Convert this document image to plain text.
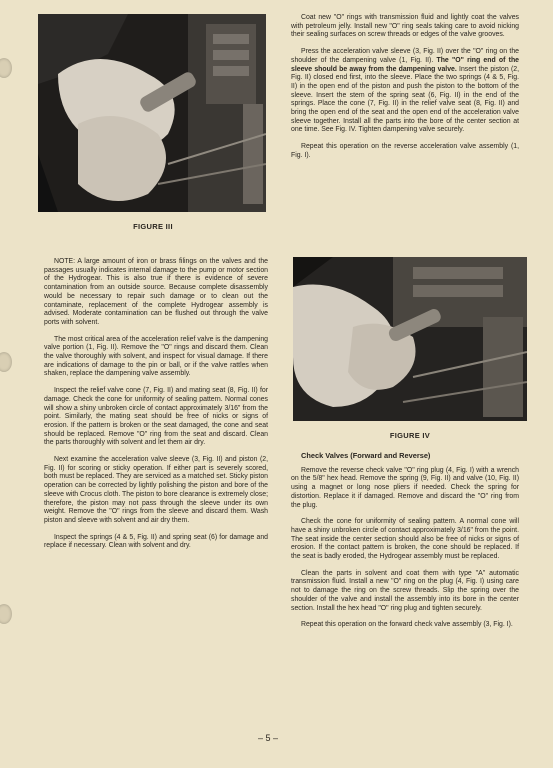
FIGURE III

NOTE: A large amount of iron or brass filings on the valves and the passages usually indicates internal damage to the pump or motor section of the Hydrogear. This is also true if there is evidence of severe contamination from an outside source. Because complete disassembly would be necessary to repair such damage or to clean out the contaminate, replacement of the complete Hydrogear assembly is advised. Moderate contamination can be flushed out through the valve ports with solvent.

The most critical area of the acceleration relief valve is the dampening valve portion (1, Fig. II). Remove the "O" rings and discard them. Clean the valve thoroughly with solvent, and inspect for visual damage. If there are indications of damage to the pin or ball, or if the valve rattles when shaken, replace the dampening valve assembly.

Inspect the relief valve cone (7, Fig. II) and mating seat (8, Fig. II) for damage. Check the cone for uniformity of sealing pattern. Normal cones will show a shiny unbroken circle of contact approximately 3/16" from the point. Similarly, the mating seat should be free of nicks or signs of erosion. If the pattern is broken or the seat damaged, the cone and seat should be replaced. Remove "O" ring from the seat and discard. Clean the parts thoroughly with solvent and let them air dry.

Next examine the acceleration valve sleeve (3, Fig. II) and piston (2, Fig. II) for scoring or sticky operation. If either part is severely scored, both must be replaced. They are serviced as a matched set. Sticky piston operation can be corrected by lightly polishing the piston and bore of the sleeve with Crocus cloth. The piston to bore clearance is extremely close; therefore, the piston may not pass through the sleeve under its own weight. Remove the "O" rings from the sleeve and discard them. Wash piston and sleeve with solvent and air dry them.

Inspect the springs (4 & 5, Fig. II) and spring seat (6) for damage and replace if necessary. Clean with solvent and dry.

Coat new "O" rings with transmission fluid and lightly coat the valves with petroleum jelly. Install new "O" ring seals taking care to avoid nicking their sealing surfaces on screw threads or edges of the valve grooves.

Press the acceleration valve sleeve (3, Fig. II) over the "O" ring on the shoulder of the dampening valve (1, Fig. II). The "O" ring end of the sleeve should be away from the dampening valve. Insert the piston (2, Fig. II) closed end first, into the sleeve. Place the two springs (4 & 5, Fig. II) in the open end of the piston and push the piston to the bottom of the sleeve. Insert the stem of the spring seat (6, Fig. II) in the end of the springs. Place the cone (7, Fig. II) in the relief valve seat (8, Fig. II) and bring the open end of the seat and the open end of the acceleration valve sleeve together. Install all the parts into the bore of the center section at one time. See Fig. IV. Tighten dampening valve securely.

Repeat this operation on the reverse acceleration valve assembly (1, Fig. I).

FIGURE IV
Check Valves (Forward and Reverse)

Remove the reverse check valve "O" ring plug (4, Fig. I) with a wrench on the 5/8" hex head. Remove the spring (9, Fig. II) and valve (10, Fig. II) using a magnet or long nose pliers if needed. Check the spring for distortion. Replace it if damaged. Remove and discard the "O" ring from the plug.

Check the cone for uniformity of sealing pattern. A normal cone will have a shiny unbroken circle of contact approximately 3/16" from the point. The seat inside the center section should also be free of nicks or signs of erosion. If the contact pattern is broken, the cone should be replaced. If the seat is badly eroded, the Hydrogear assembly must be replaced.

Clean the parts in solvent and coat them with type "A" automatic transmission fluid. Install a new "O" ring on the plug (4, Fig. I) using care not to damage the ring on the screw threads. Slip the spring over the shoulder of the valve and install the assembly into its bore in the center section. Install the hex head "O" ring plug and tighten securely.

Repeat this operation on the forward check valve assembly (3, Fig. I).

– 5 –
